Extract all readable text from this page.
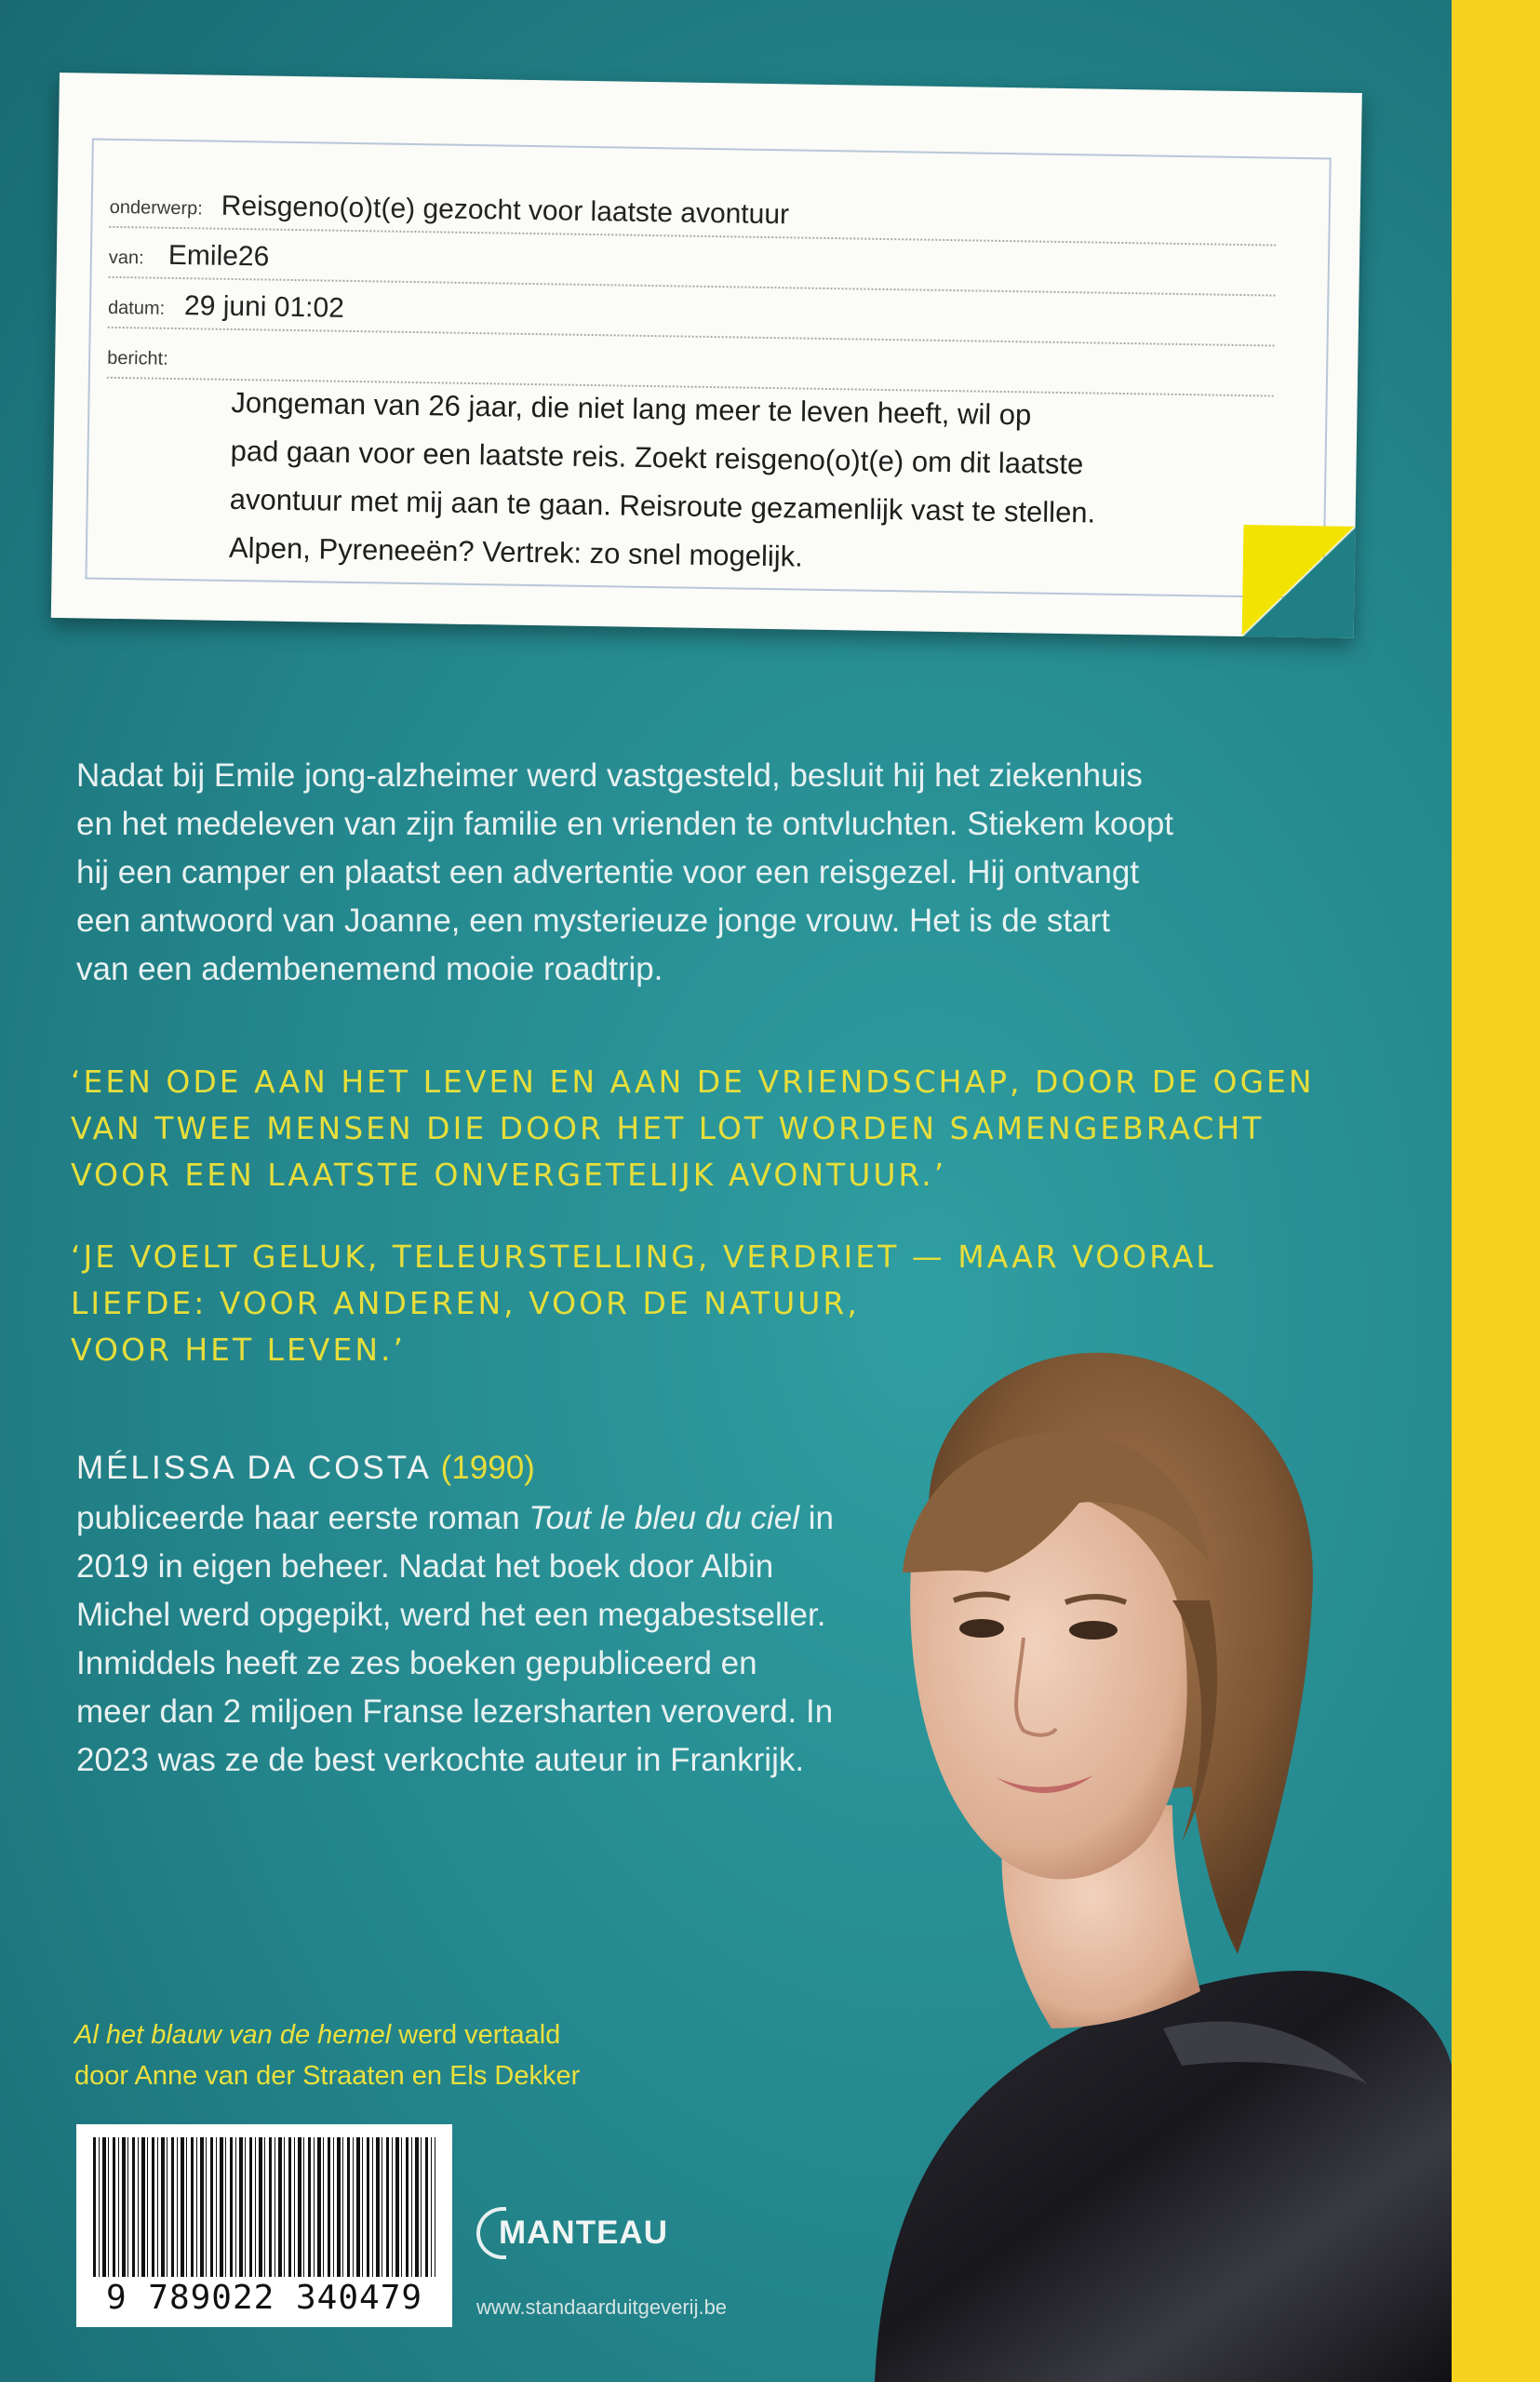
onderwerp: Reisgeno(o)t(e) gezocht voor laatste avontuur
van: Emile26
datum: 29 juni 01:02
bericht:
Jongeman van 26 jaar, die niet lang meer te leven heeft, wil op
pad gaan voor een laatste reis. Zoekt reisgeno(o)t(e) om dit laatste
avontuur met mij aan te gaan. Reisroute gezamenlijk vast te stellen.
Alpen, Pyreneeën? Vertrek: zo snel mogelijk.
Nadat bij Emile jong-alzheimer werd vastgesteld, besluit hij het ziekenhuis
en het medeleven van zijn familie en vrienden te ontvluchten. Stiekem koopt
hij een camper en plaatst een advertentie voor een reisgezel. Hij ontvangt
een antwoord van Joanne, een mysterieuze jonge vrouw. Het is de start
van een adembenemend mooie roadtrip.
‘EEN ODE AAN HET LEVEN EN AAN DE VRIENDSCHAP, DOOR DE OGEN
VAN TWEE MENSEN DIE DOOR HET LOT WORDEN SAMENGEBRACHT
VOOR EEN LAATSTE ONVERGETELIJK AVONTUUR.’
‘JE VOELT GELUK, TELEURSTELLING, VERDRIET — MAAR VOORAL
LIEFDE: VOOR ANDEREN, VOOR DE NATUUR,
VOOR HET LEVEN.’
MÉLISSA DA COSTA (1990)
publiceerde haar eerste roman Tout le bleu du ciel in 2019 in eigen beheer. Nadat het boek door Albin Michel werd opgepikt, werd het een megabestseller. Inmiddels heeft ze zes boeken gepubliceerd en meer dan 2 miljoen Franse lezersharten veroverd. In 2023 was ze de best verkochte auteur in Frankrijk.
Al het blauw van de hemel werd vertaald
door Anne van der Straaten en Els Dekker
9 789022 340479
MANTEAU
www.standaarduitgeverij.be
